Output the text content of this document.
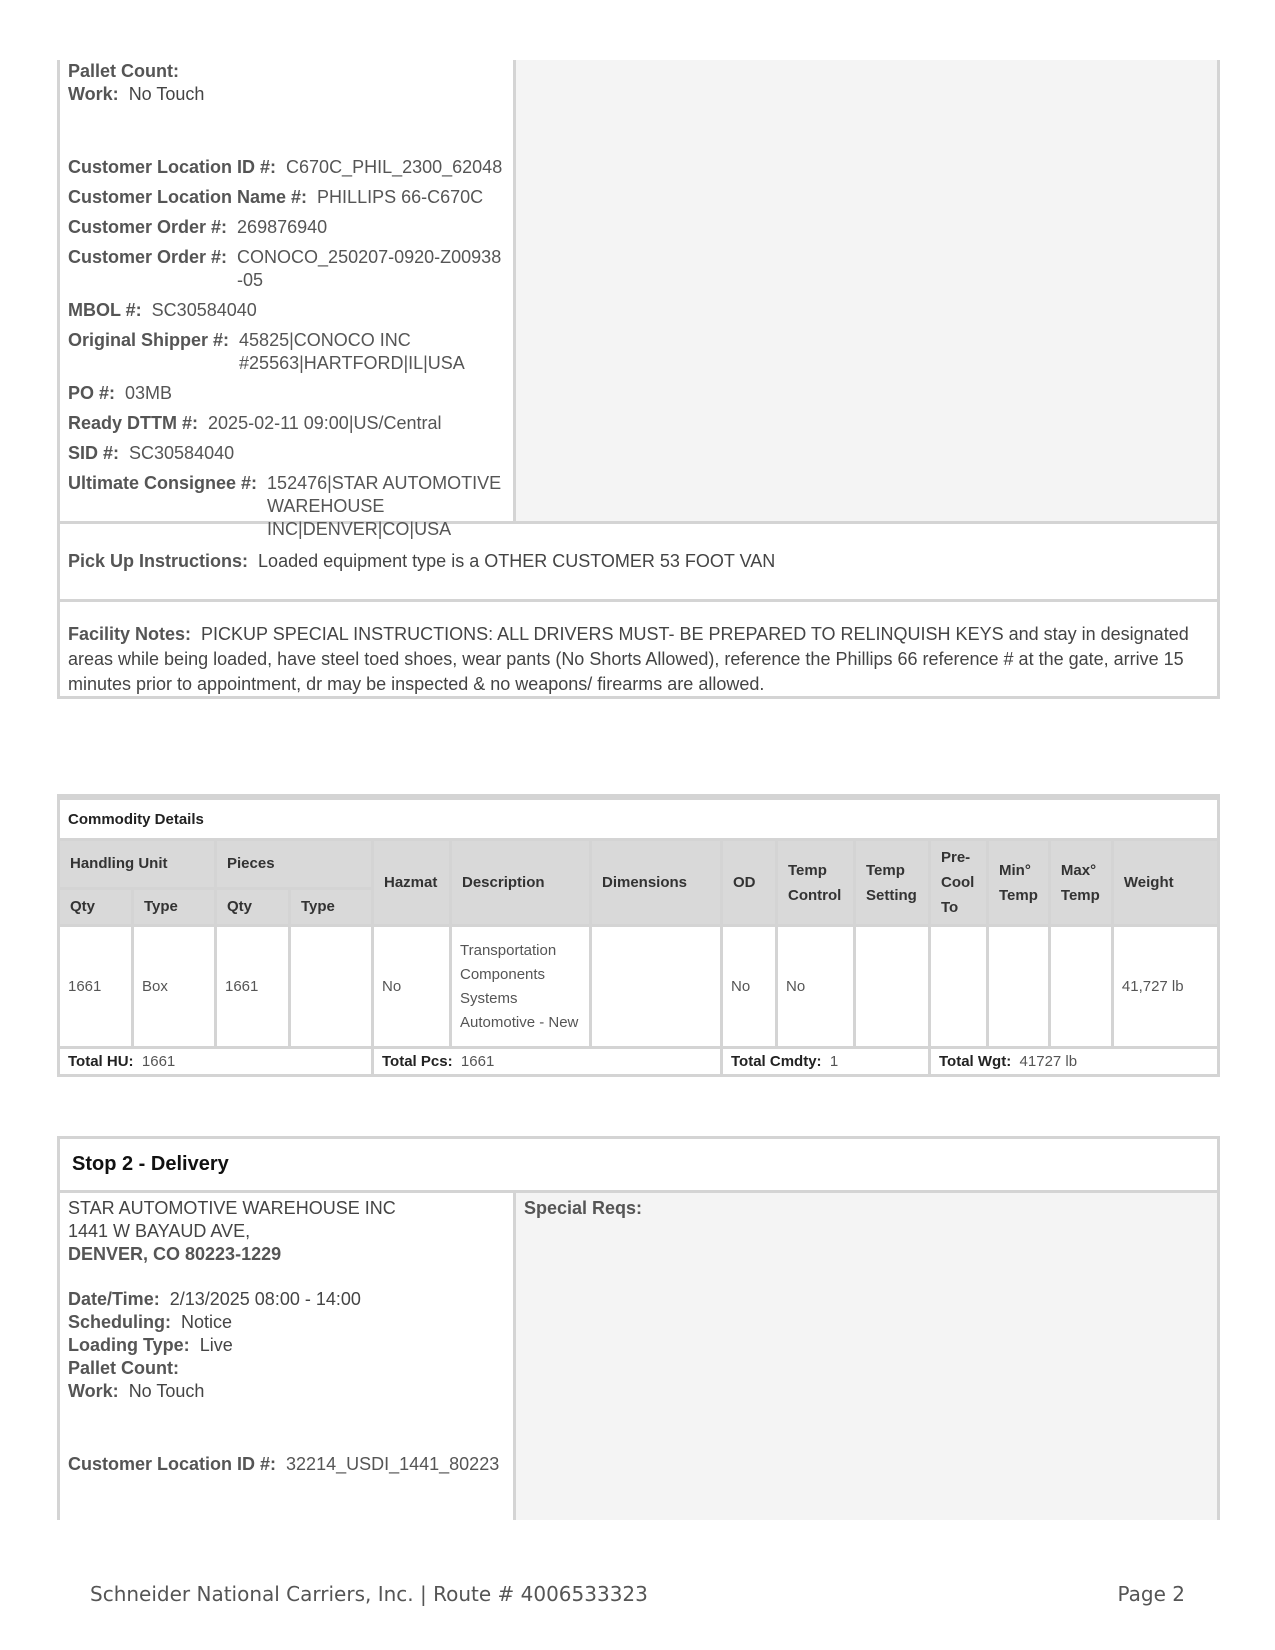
Pallet Count:
Work: No Touch
Customer Location ID #: C670C_PHIL_2300_62048
Customer Location Name #: PHILLIPS 66-C670C
Customer Order #: 269876940
Customer Order #: CONOCO_250207-0920-Z00938-05
MBOL #: SC30584040
Original Shipper #: 45825|CONOCO INC #25563|HARTFORD|IL|USA
PO #: 03MB
Ready DTTM #: 2025-02-11 09:00|US/Central
SID #: SC30584040
Ultimate Consignee #: 152476|STAR AUTOMOTIVE WAREHOUSE INC|DENVER|CO|USA
Pick Up Instructions: Loaded equipment type is a OTHER CUSTOMER 53 FOOT VAN
Facility Notes: PICKUP SPECIAL INSTRUCTIONS: ALL DRIVERS MUST- BE PREPARED TO RELINQUISH KEYS and stay in designated areas while being loaded, have steel toed shoes, wear pants (No Shorts Allowed), reference the Phillips 66 reference # at the gate, arrive 15 minutes prior to appointment, dr may be inspected & no weapons/ firearms are allowed.
Commodity Details													
Handling Unit		Pieces		Hazmat	Description	Dimensions	OD	Temp Control	Temp Setting	Pre-Cool To	Min° Temp	Max° Temp	Weight
Qty	Type	Qty	Type										
1661	Box	1661		No	Transportation Components Systems Automotive - New		No	No					41,727 lb
Total HU: 1661				Total Pcs: 1661			Total Cmdty: 1			Total Wgt: 41727 lb			
Stop 2 - Delivery
STAR AUTOMOTIVE WAREHOUSE INC
1441 W BAYAUD AVE,
DENVER, CO 80223-1229
Date/Time: 2/13/2025 08:00 - 14:00
Scheduling: Notice
Loading Type: Live
Pallet Count:
Work: No Touch
Customer Location ID #: 32214_USDI_1441_80223
Special Reqs:
Schneider National Carriers, Inc. | Route # 4006533323	Page 2
